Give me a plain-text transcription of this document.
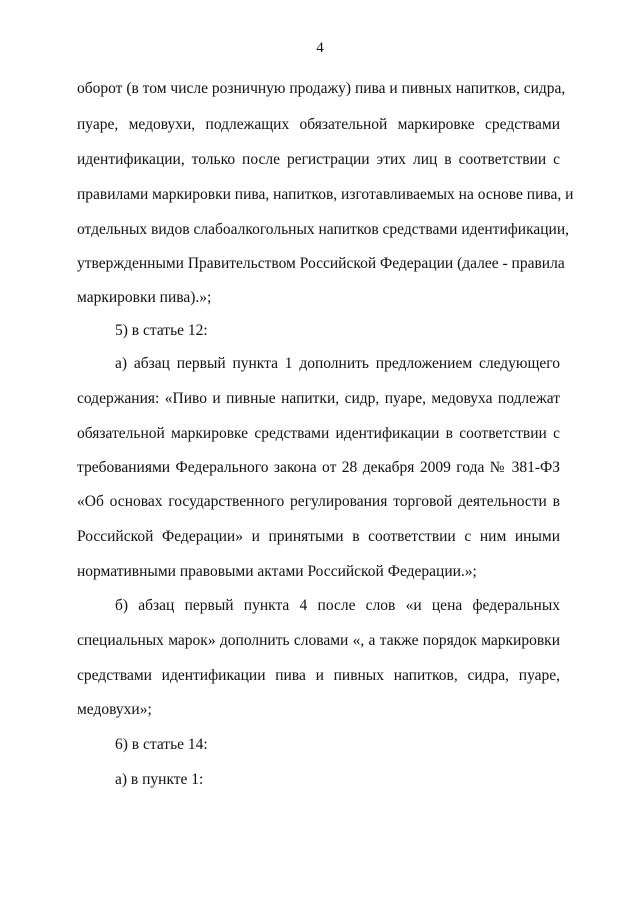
4
оборот (в том числе розничную продажу) пива и пивных напитков, сидра,
пуаре, медовухи, подлежащих обязательной маркировке средствами
идентификации, только после регистрации этих лиц в соответствии с
правилами маркировки пива, напитков, изготавливаемых на основе пива, и
отдельных видов слабоалкогольных напитков средствами идентификации,
утвержденными Правительством Российской Федерации (далее - правила
маркировки пива).»;
5) в статье 12:
а) абзац первый пункта 1 дополнить предложением следующего
содержания: «Пиво и пивные напитки, сидр, пуаре, медовуха подлежат
обязательной маркировке средствами идентификации в соответствии с
требованиями Федерального закона от 28 декабря 2009 года № 381-ФЗ
«Об основах государственного регулирования торговой деятельности в
Российской Федерации» и принятыми в соответствии с ним иными
нормативными правовыми актами Российской Федерации.»;
б) абзац первый пункта 4 после слов «и цена федеральных
специальных марок» дополнить словами «, а также порядок маркировки
средствами идентификации пива и пивных напитков, сидра, пуаре,
медовухи»;
6) в статье 14:
а) в пункте 1:
